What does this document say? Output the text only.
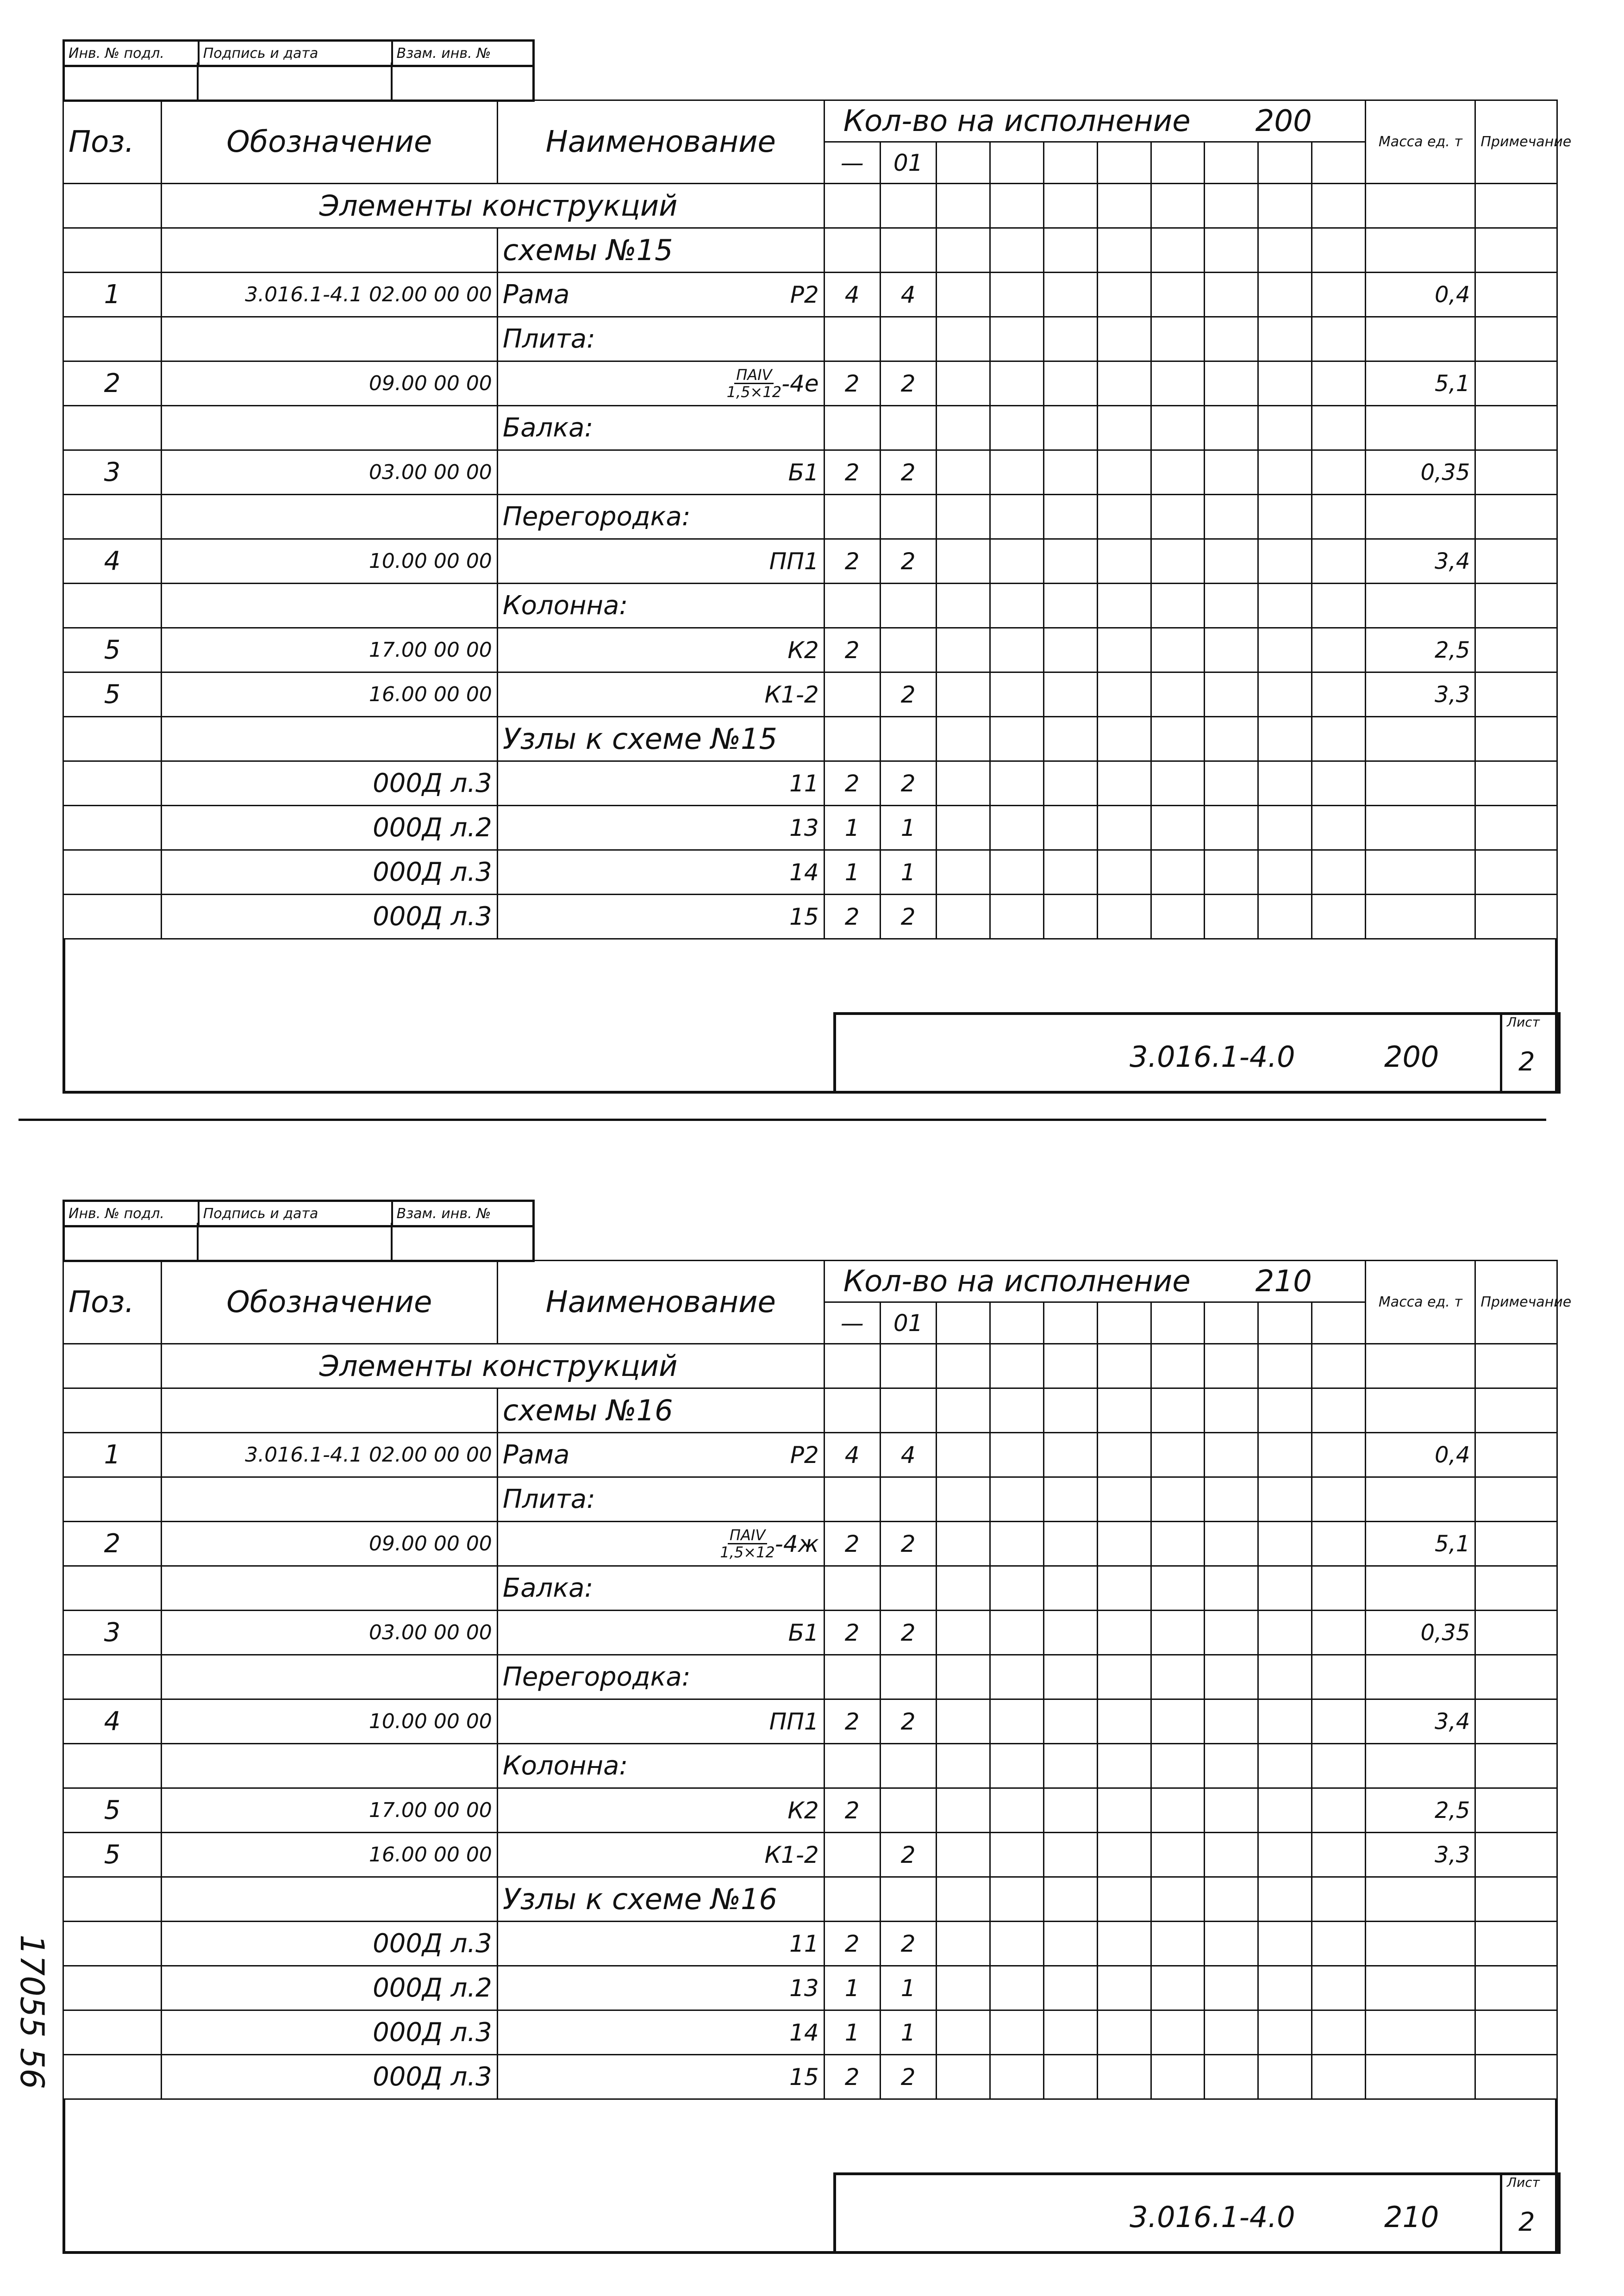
Инв. № подл.	Подпись и дата	Взам. инв. №
Поз.	Обозначение	Наименование	Кол-во на исполнение 200										Масса ед. т	Примечание
			—	01										
	Элементы конструкций													
		схемы №15												
1	3.016.1-4.1 02.00 00 00	Рама Р2	4	4									0,4	

		Плита:												

2	09.00 00 00	$\frac{\text{ПАIV}}{1,5\times 12} -4е$	2	2									5,1	

		Балка:												

3	03.00 00 00	Б1	2	2									0,35	

		Перегородка:												

4	10.00 00 00	ПП1	2	2									3,4	

		Колонна:												

5	17.00 00 00	К2	2										2,5	
5	16.00 00 00	К1-2		2									3,3	
		Узлы к схеме №15												
	000Д л.3	11	2	2										
	000Д л.2	13	1	1										
	000Д л.3	14	1	1										
	000Д л.3	15	2	2										
3.016.1-4.0	200
Лист
2
Инв. № подл.	Подпись и дата	Взам. инв. №
Поз.	Обозначение	Наименование	Кол-во на исполнение 210										Масса ед. т	Примечание
			—	01										
	Элементы конструкций													
		схемы №16												
1	3.016.1-4.1 02.00 00 00	Рама Р2	4	4									0,4	

		Плита:												

2	09.00 00 00	$\frac{\text{ПАIV}}{1,5\times 12} -4ж$	2	2									5,1	

		Балка:												

3	03.00 00 00	Б1	2	2									0,35	

		Перегородка:												

4	10.00 00 00	ПП1	2	2									3,4	

		Колонна:												

5	17.00 00 00	К2	2										2,5	
5	16.00 00 00	К1-2		2									3,3	
		Узлы к схеме №16												
	000Д л.3	11	2	2										
	000Д л.2	13	1	1										
	000Д л.3	14	1	1										
	000Д л.3	15	2	2										
3.016.1-4.0	210
Лист
2
17055 56
